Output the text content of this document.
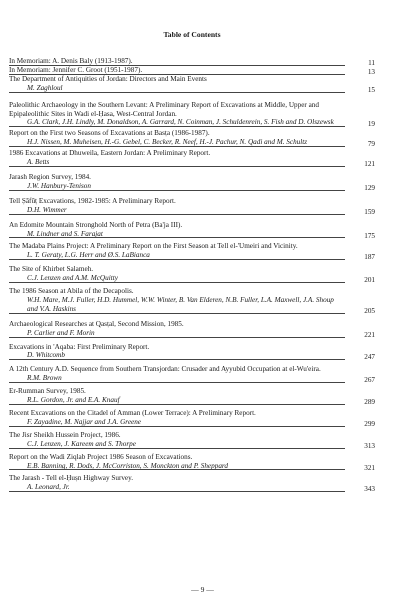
Table of Contents
In Memoriam: A. Denis Baly (1913-1987).	11
In Memoriam: Jennifer C. Groot (1951-1987).	13
The Department of Antiquities of Jordan: Directors and Main Events
M. Zaghloul	15
Paleolithic Archaeology in the Southern Levant: A Preliminary Report of Excavations at Middle, Upper and Epipaleolithic Sites in Wadi el-Ḥasa, West-Central Jordan.
G.A. Clark, J.H. Lindly, M. Donaldson, A. Garrard, N. Coinman, J. Schuldenrein, S. Fish and D. Olszewsk	19
Report on the First two Seasons of Excavations at Basṭa (1986-1987).
H.J. Nissen, M. Muheisen, H.-G. Gebel, C. Becker, R. Neef, H.-J. Pachur, N. Qadi and M. Schultz	79
1986 Excavations at Dhuweila, Eastern Jordan: A Preliminary Report.
A. Betts	121
Jarash Region Survey, 1984.
J.W. Hanbury-Tenison	129
Tell Ṣāfūṭ Excavations, 1982-1985: A Preliminary Report.
D.H. Wimmer	159
An Edomite Mountain Stronghold North of Petra (Ba'ja III).
M. Lindner and S. Farajat	175
The Madaba Plains Project: A Preliminary Report on the First Season at Tell el-'Umeiri and Vicinity.
L. T. Geraty, L.G. Herr and Ø.S. LaBianca	187
The Site of Khirbet Salameh.
C.J. Lenzen and A.M. McQuitty	201
The 1986 Season at Abila of the Decapolis.
W.H. Mare, M.J. Fuller, H.D. Hummel, W.W. Winter, B. Van Elderen, N.B. Fuller, L.A. Maxwell, J.A. Shoup and V.A. Haskins	205
Archaeological Researches at Qasṭal, Second Mission, 1985.
P. Carlier and F. Morin	221
Excavations in 'Aqaba: First Preliminary Report.
D. Whitcomb	247
A 12th Century A.D. Sequence from Southern Transjordan: Crusader and Ayyubid Occupation at el-Wu'eira.
R.M. Brown	267
Er-Rumman Survey, 1985.
R.L. Gordon, Jr. and E.A. Knauf	289
Recent Excavations on the Citadel of Amman (Lower Terrace): A Preliminary Report.
F. Zayadine, M. Najjar and J.A. Greene	299
The Jisr Sheikh Hussein Project, 1986.
C.J. Lenzen, J. Kareem and S. Thorpe	313
Report on the Wadi Ziqlab Project 1986 Season of Excavations.
E.B. Banning, R. Dods, J. McCorriston, S. Monckton and P. Sheppard	321
The Jarash - Tell el-Ḥuṣn Highway Survey.
A. Leonard, Jr.	343
— 9 —
